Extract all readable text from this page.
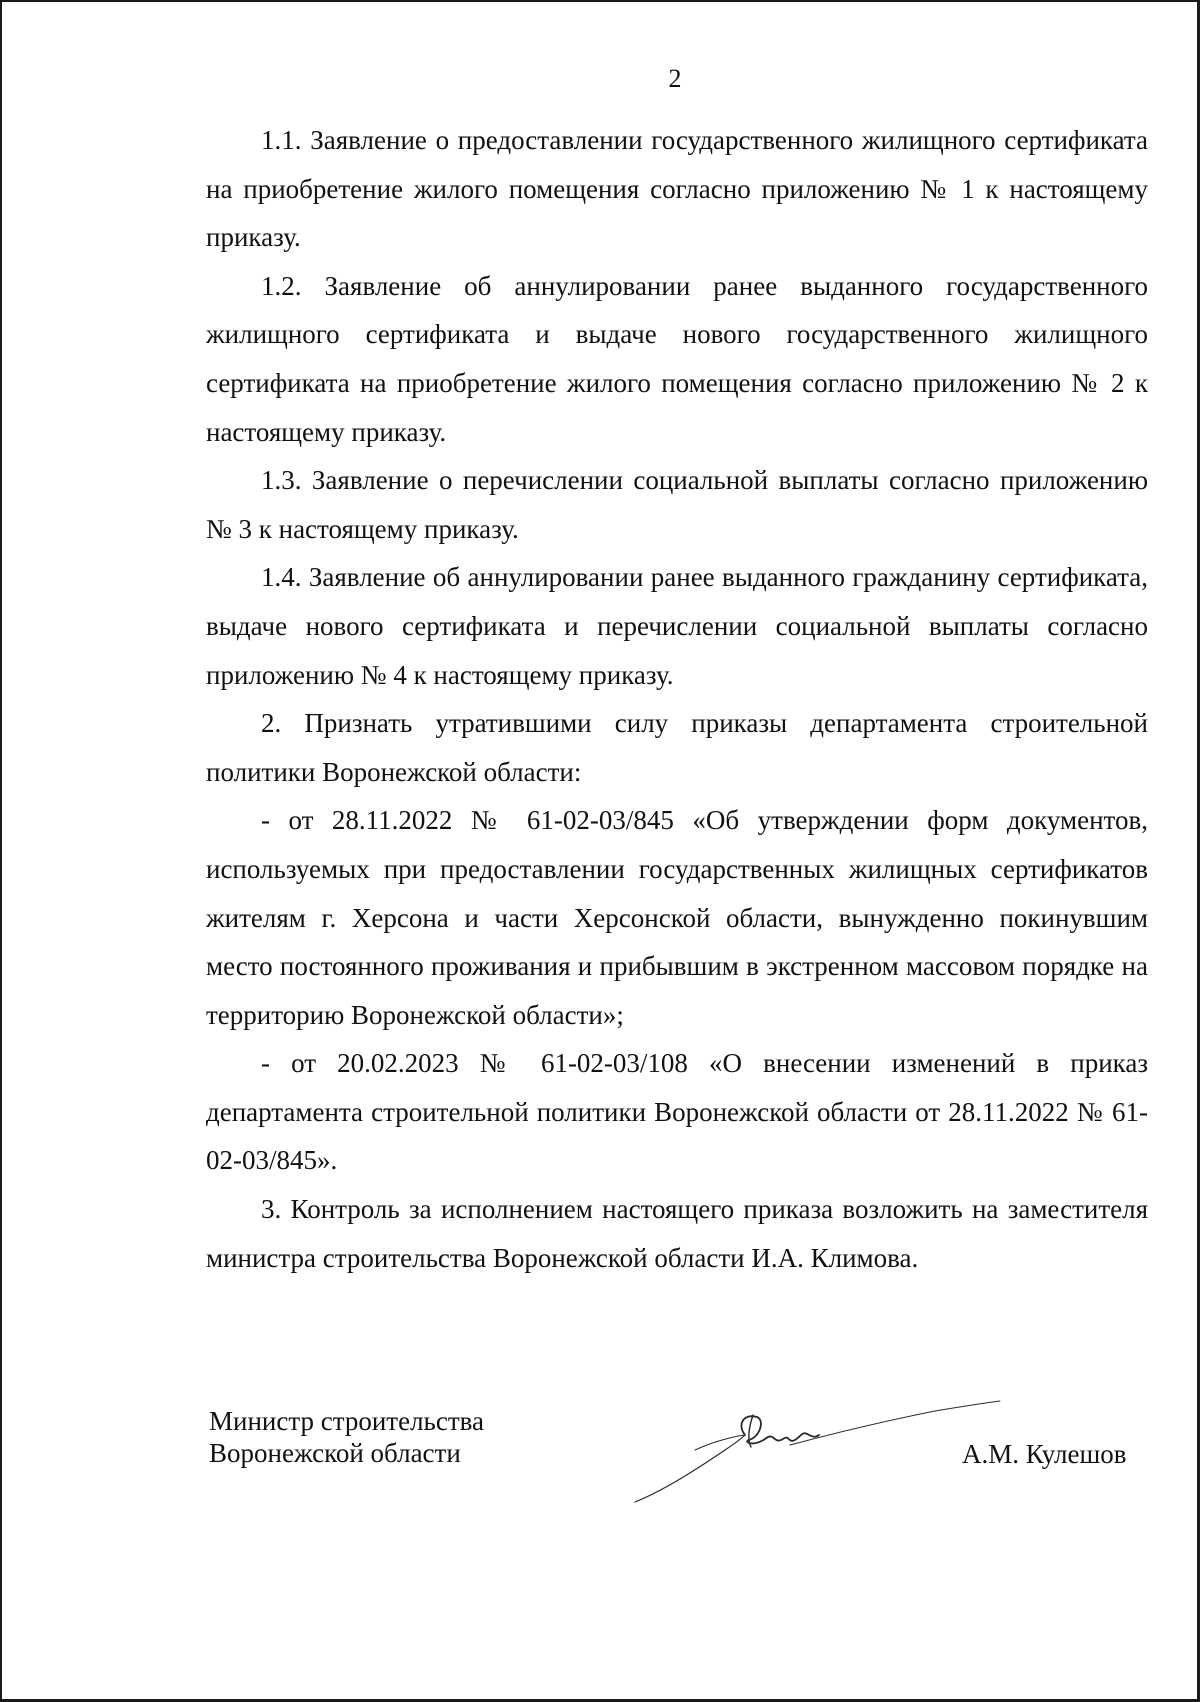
2

1.1. Заявление о предоставлении государственного жилищного сертификата на приобретение жилого помещения согласно приложению № 1 к настоящему приказу.

1.2. Заявление об аннулировании ранее выданного государственного жилищного сертификата и выдаче нового государственного жилищного сертификата на приобретение жилого помещения согласно приложению № 2 к настоящему приказу.

1.3. Заявление о перечислении социальной выплаты согласно приложению № 3 к настоящему приказу.

1.4. Заявление об аннулировании ранее выданного гражданину сертификата, выдаче нового сертификата и перечислении социальной выплаты согласно приложению № 4 к настоящему приказу.

2. Признать утратившими силу приказы департамента строительной политики Воронежской области:

- от 28.11.2022 № 61-02-03/845 «Об утверждении форм документов, используемых при предоставлении государственных жилищных сертификатов жителям г. Херсона и части Херсонской области, вынужденно покинувшим место постоянного проживания и прибывшим в экстренном массовом порядке на территорию Воронежской области»;

- от 20.02.2023 № 61-02-03/108 «О внесении изменений в приказ департамента строительной политики Воронежской области от 28.11.2022 № 61-02-03/845».

3. Контроль за исполнением настоящего приказа возложить на заместителя министра строительства Воронежской области И.А. Климова.

Министр строительства
Воронежской области	А.М. Кулешов
